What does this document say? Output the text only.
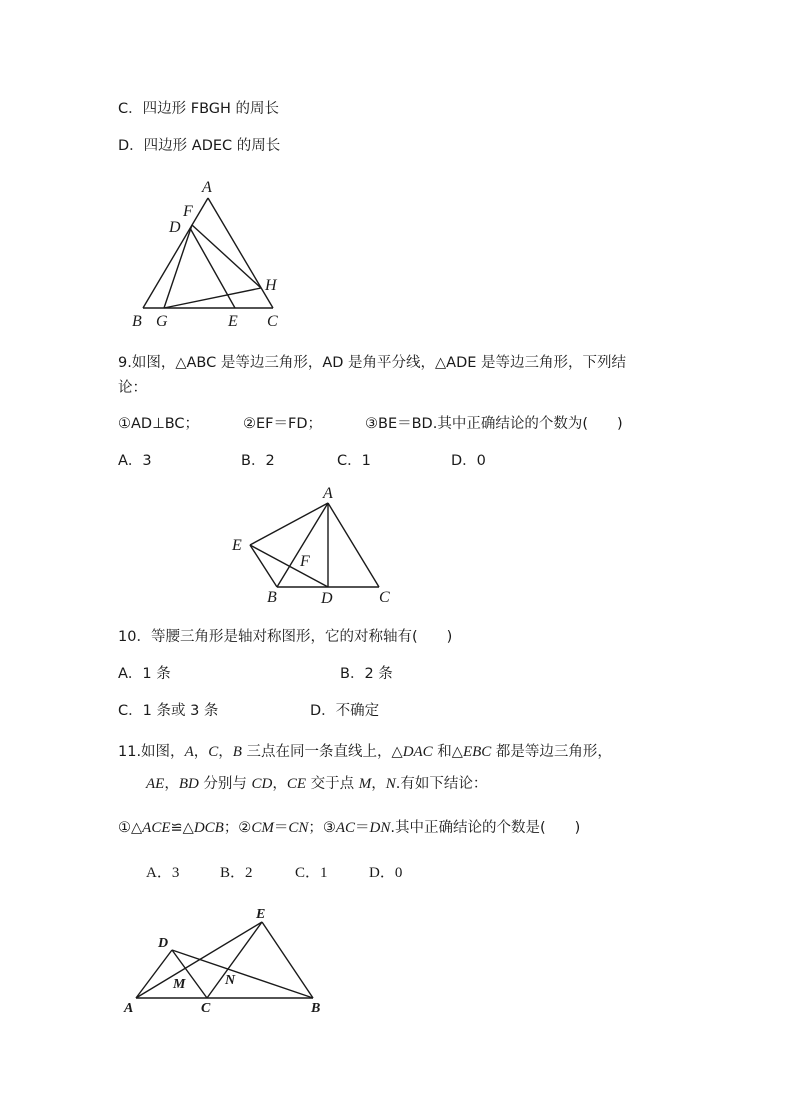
C．四边形 FBGH 的周长
D．四边形 ADEC 的周长
A
F
D
H
B G	E C
9.如图，△ABC 是等边三角形，AD 是角平分线，△ADE 是等边三角形，下列结
论：
①AD⊥BC；	②EF＝FD；	③BE＝BD.其中正确结论的个数为(　　)
A．3	B．2	C．1	D．0
A
E
F
B	D	C
10．等腰三角形是轴对称图形，它的对称轴有(　　)
A．1 条	B．2 条
C．1 条或 3 条	D．不确定
11.如图，A，C，B 三点在同一条直线上，△DAC 和△EBC 都是等边三角形，
AE，BD 分别与 CD，CE 交于点 M，N.有如下结论：
①△ACE≌△DCB；②CM＝CN；③AC＝DN.其中正确结论的个数是(　　)
A．3	B．2	C．1	D．0
E
D
M	N
A	C	B
